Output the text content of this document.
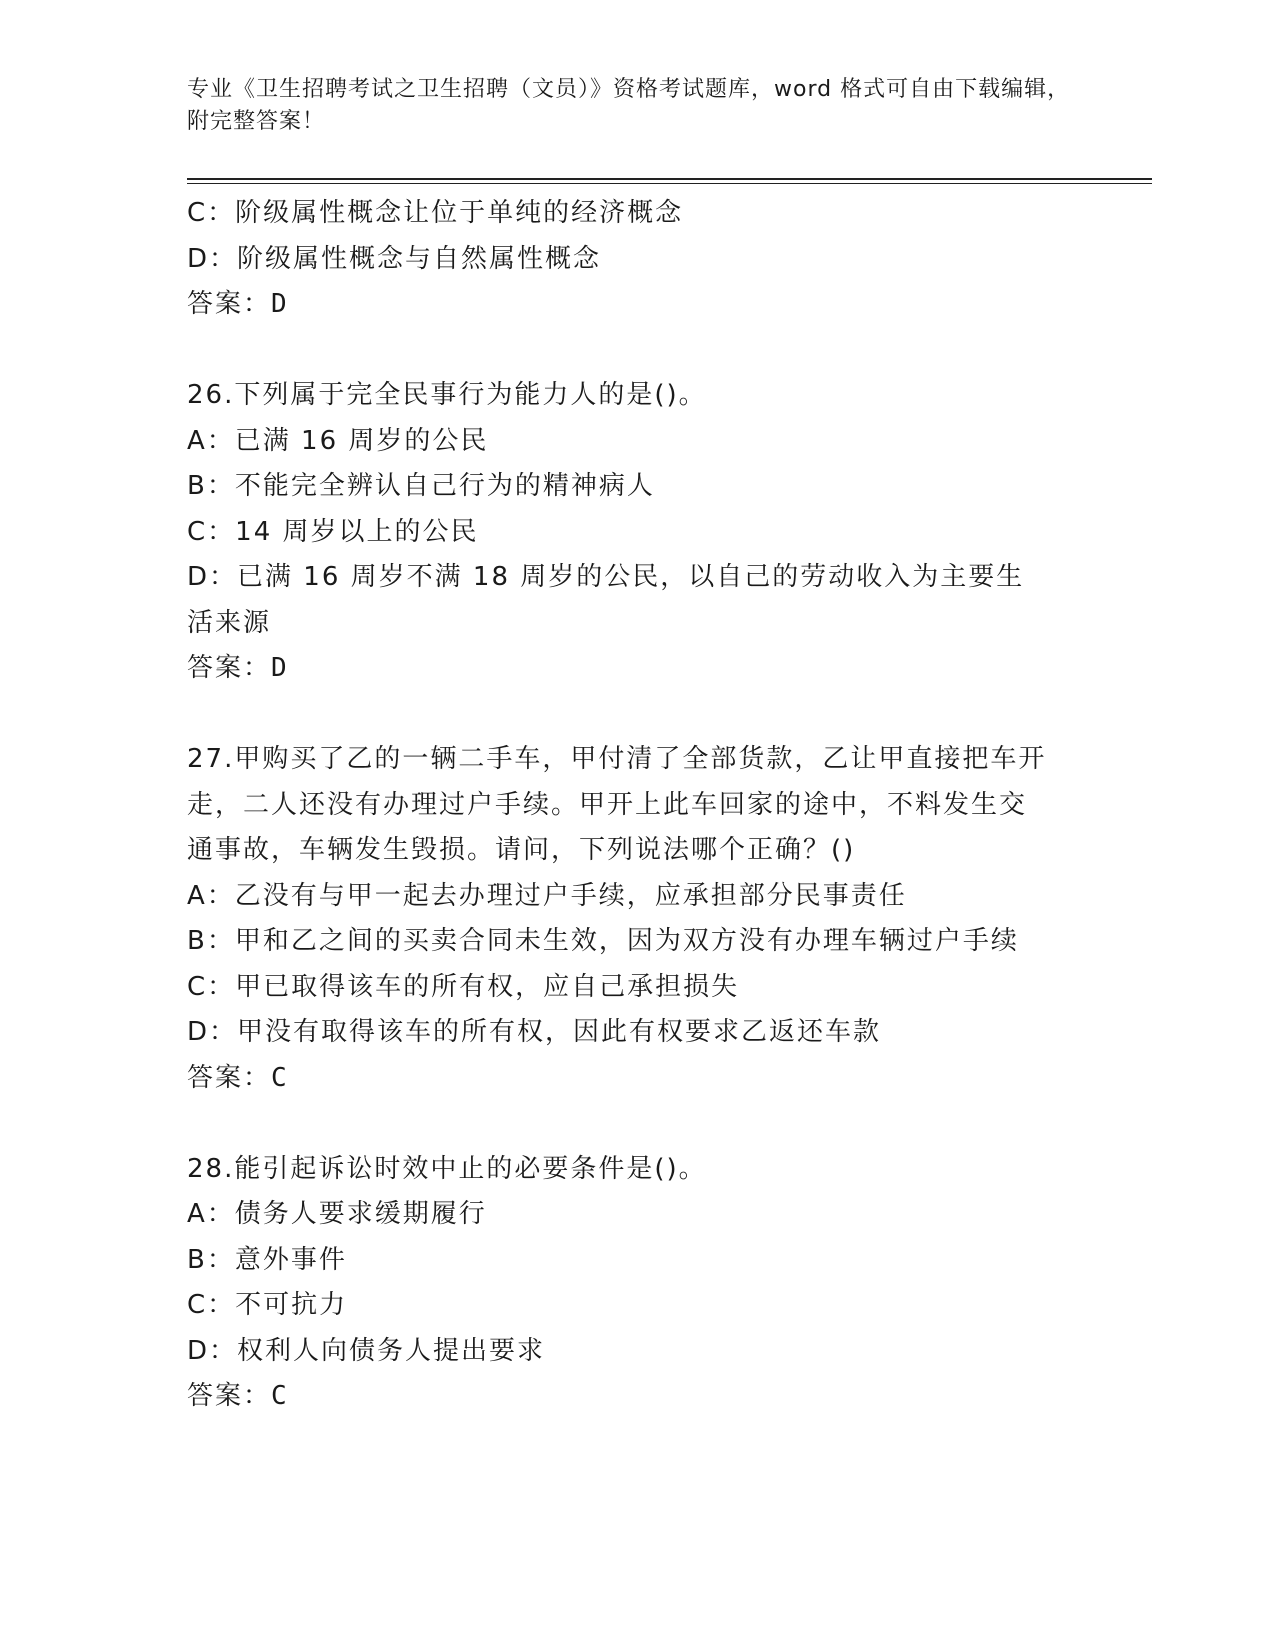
专业《卫生招聘考试之卫生招聘（文员）》资格考试题库，word 格式可自由下载编辑，附完整答案！
C：阶级属性概念让位于单纯的经济概念
D：阶级属性概念与自然属性概念
答案：D
26.下列属于完全民事行为能力人的是()。
A：已满 16 周岁的公民
B：不能完全辨认自己行为的精神病人
C：14 周岁以上的公民
D：已满 16 周岁不满 18 周岁的公民，以自己的劳动收入为主要生活来源
答案：D
27.甲购买了乙的一辆二手车，甲付清了全部货款，乙让甲直接把车开走，二人还没有办理过户手续。甲开上此车回家的途中，不料发生交通事故，车辆发生毁损。请问，下列说法哪个正确？()
A：乙没有与甲一起去办理过户手续，应承担部分民事责任
B：甲和乙之间的买卖合同未生效，因为双方没有办理车辆过户手续
C：甲已取得该车的所有权，应自己承担损失
D：甲没有取得该车的所有权，因此有权要求乙返还车款
答案：C
28.能引起诉讼时效中止的必要条件是()。
A：债务人要求缓期履行
B：意外事件
C：不可抗力
D：权利人向债务人提出要求
答案：C
